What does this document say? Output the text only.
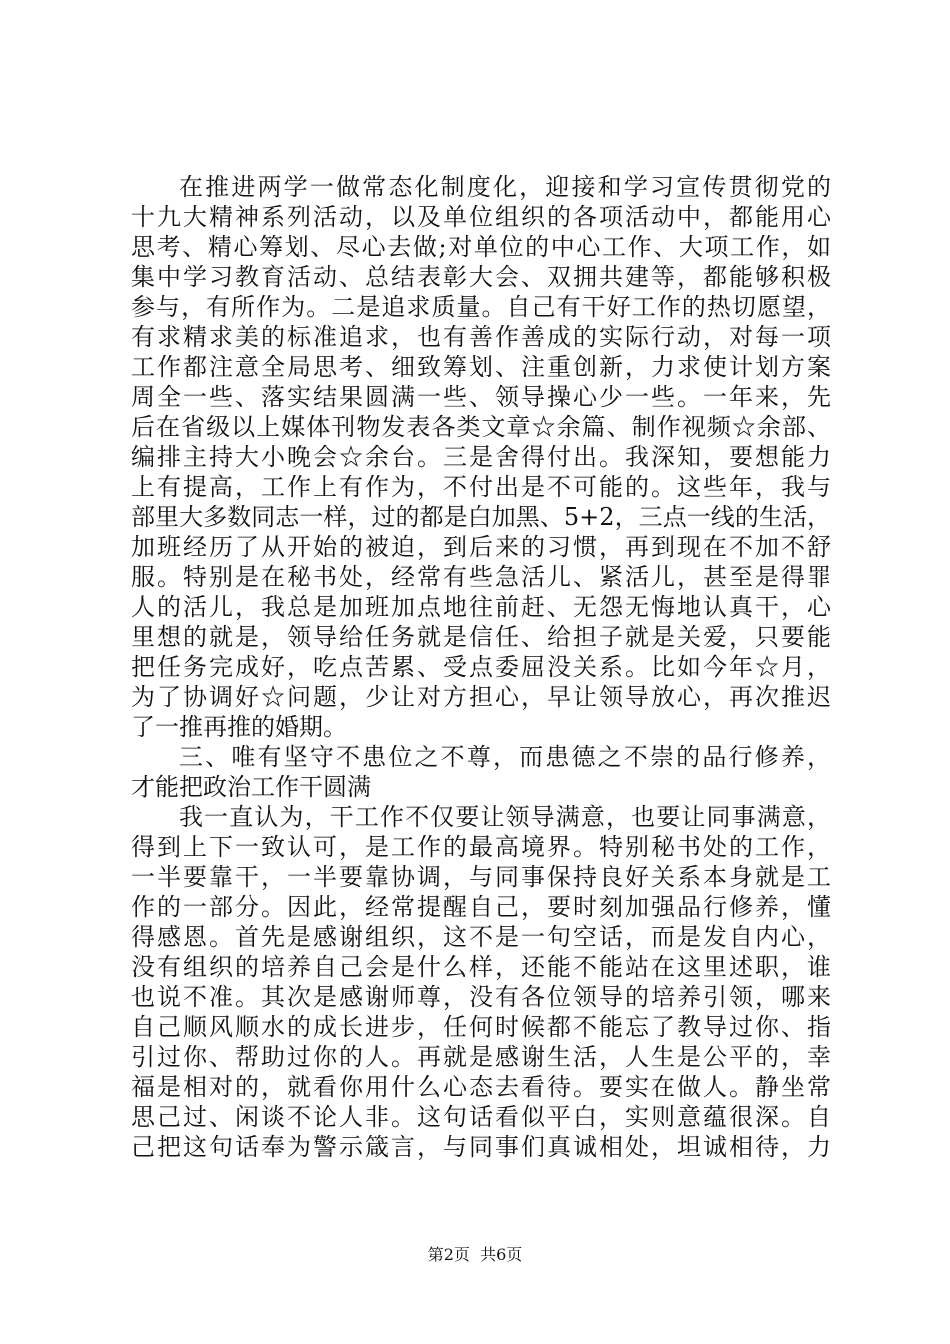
在推进两学一做常态化制度化，迎接和学习宣传贯彻党的
十九大精神系列活动，以及单位组织的各项活动中，都能用心
思考、精心筹划、尽心去做;对单位的中心工作、大项工作，如
集中学习教育活动、总结表彰大会、双拥共建等，都能够积极
参与，有所作为。二是追求质量。自己有干好工作的热切愿望，
有求精求美的标准追求，也有善作善成的实际行动，对每一项
工作都注意全局思考、细致筹划、注重创新，力求使计划方案
周全一些、落实结果圆满一些、领导操心少一些。一年来，先
后在省级以上媒体刊物发表各类文章☆余篇、制作视频☆余部、
编排主持大小晚会☆余台。三是舍得付出。我深知，要想能力
上有提高，工作上有作为，不付出是不可能的。这些年，我与
部里大多数同志一样，过的都是白加黑、5+2，三点一线的生活，
加班经历了从开始的被迫，到后来的习惯，再到现在不加不舒
服。特别是在秘书处，经常有些急活儿、紧活儿，甚至是得罪
人的活儿，我总是加班加点地往前赶、无怨无悔地认真干，心
里想的就是，领导给任务就是信任、给担子就是关爱，只要能
把任务完成好，吃点苦累、受点委屈没关系。比如今年☆月，
为了协调好☆问题，少让对方担心，早让领导放心，再次推迟
了一推再推的婚期。
三、唯有坚守不患位之不尊，而患德之不崇的品行修养，
才能把政治工作干圆满
我一直认为，干工作不仅要让领导满意，也要让同事满意，
得到上下一致认可，是工作的最高境界。特别秘书处的工作，
一半要靠干，一半要靠协调，与同事保持良好关系本身就是工
作的一部分。因此，经常提醒自己，要时刻加强品行修养，懂
得感恩。首先是感谢组织，这不是一句空话，而是发自内心，
没有组织的培养自己会是什么样，还能不能站在这里述职，谁
也说不准。其次是感谢师尊，没有各位领导的培养引领，哪来
自己顺风顺水的成长进步，任何时候都不能忘了教导过你、指
引过你、帮助过你的人。再就是感谢生活，人生是公平的，幸
福是相对的，就看你用什么心态去看待。要实在做人。静坐常
思己过、闲谈不论人非。这句话看似平白，实则意蕴很深。自
己把这句话奉为警示箴言，与同事们真诚相处，坦诚相待，力
第2页 共6页
